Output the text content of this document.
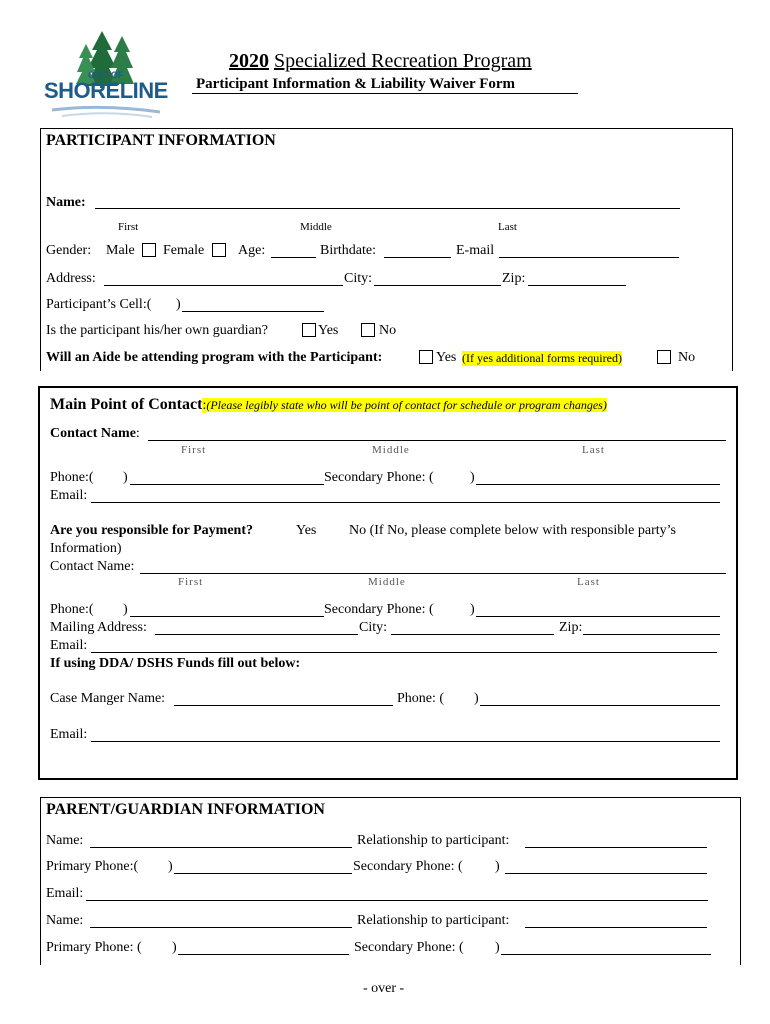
CITY OF
SHORELINE
2020 Specialized Recreation Program
Participant Information & Liability Waiver Form
PARTICIPANT INFORMATION
Name:
First	Middle	Last
Gender: Male Female Age:	Birthdate:	E-mail
Address:	City:	Zip:
Participant’s Cell:( )
Is the participant his/her own guardian?	Yes	No
Will an Aide be attending program with the Participant:	Yes (If yes additional forms required)	No
Main Point of Contact:(Please legibly state who will be point of contact for schedule or program changes)
Contact Name:
First	Middle	Last
Phone:( )	Secondary Phone: (	)
Email:
Are you responsible for Payment?	Yes No (If No, please complete below with responsible party’s
Information)
Contact Name:
First	Middle	Last
Phone:( )	Secondary Phone: (	)
Mailing Address:	City:	Zip:
Email:
If using DDA/ DSHS Funds fill out below:
Case Manger Name:	Phone: ( )
Email:
PARENT/GUARDIAN INFORMATION
Name:	Relationship to participant:
Primary Phone:( )	Secondary Phone: ( )
Email:
Name:	Relationship to participant:
Primary Phone: ( )	Secondary Phone: ( )
- over -
